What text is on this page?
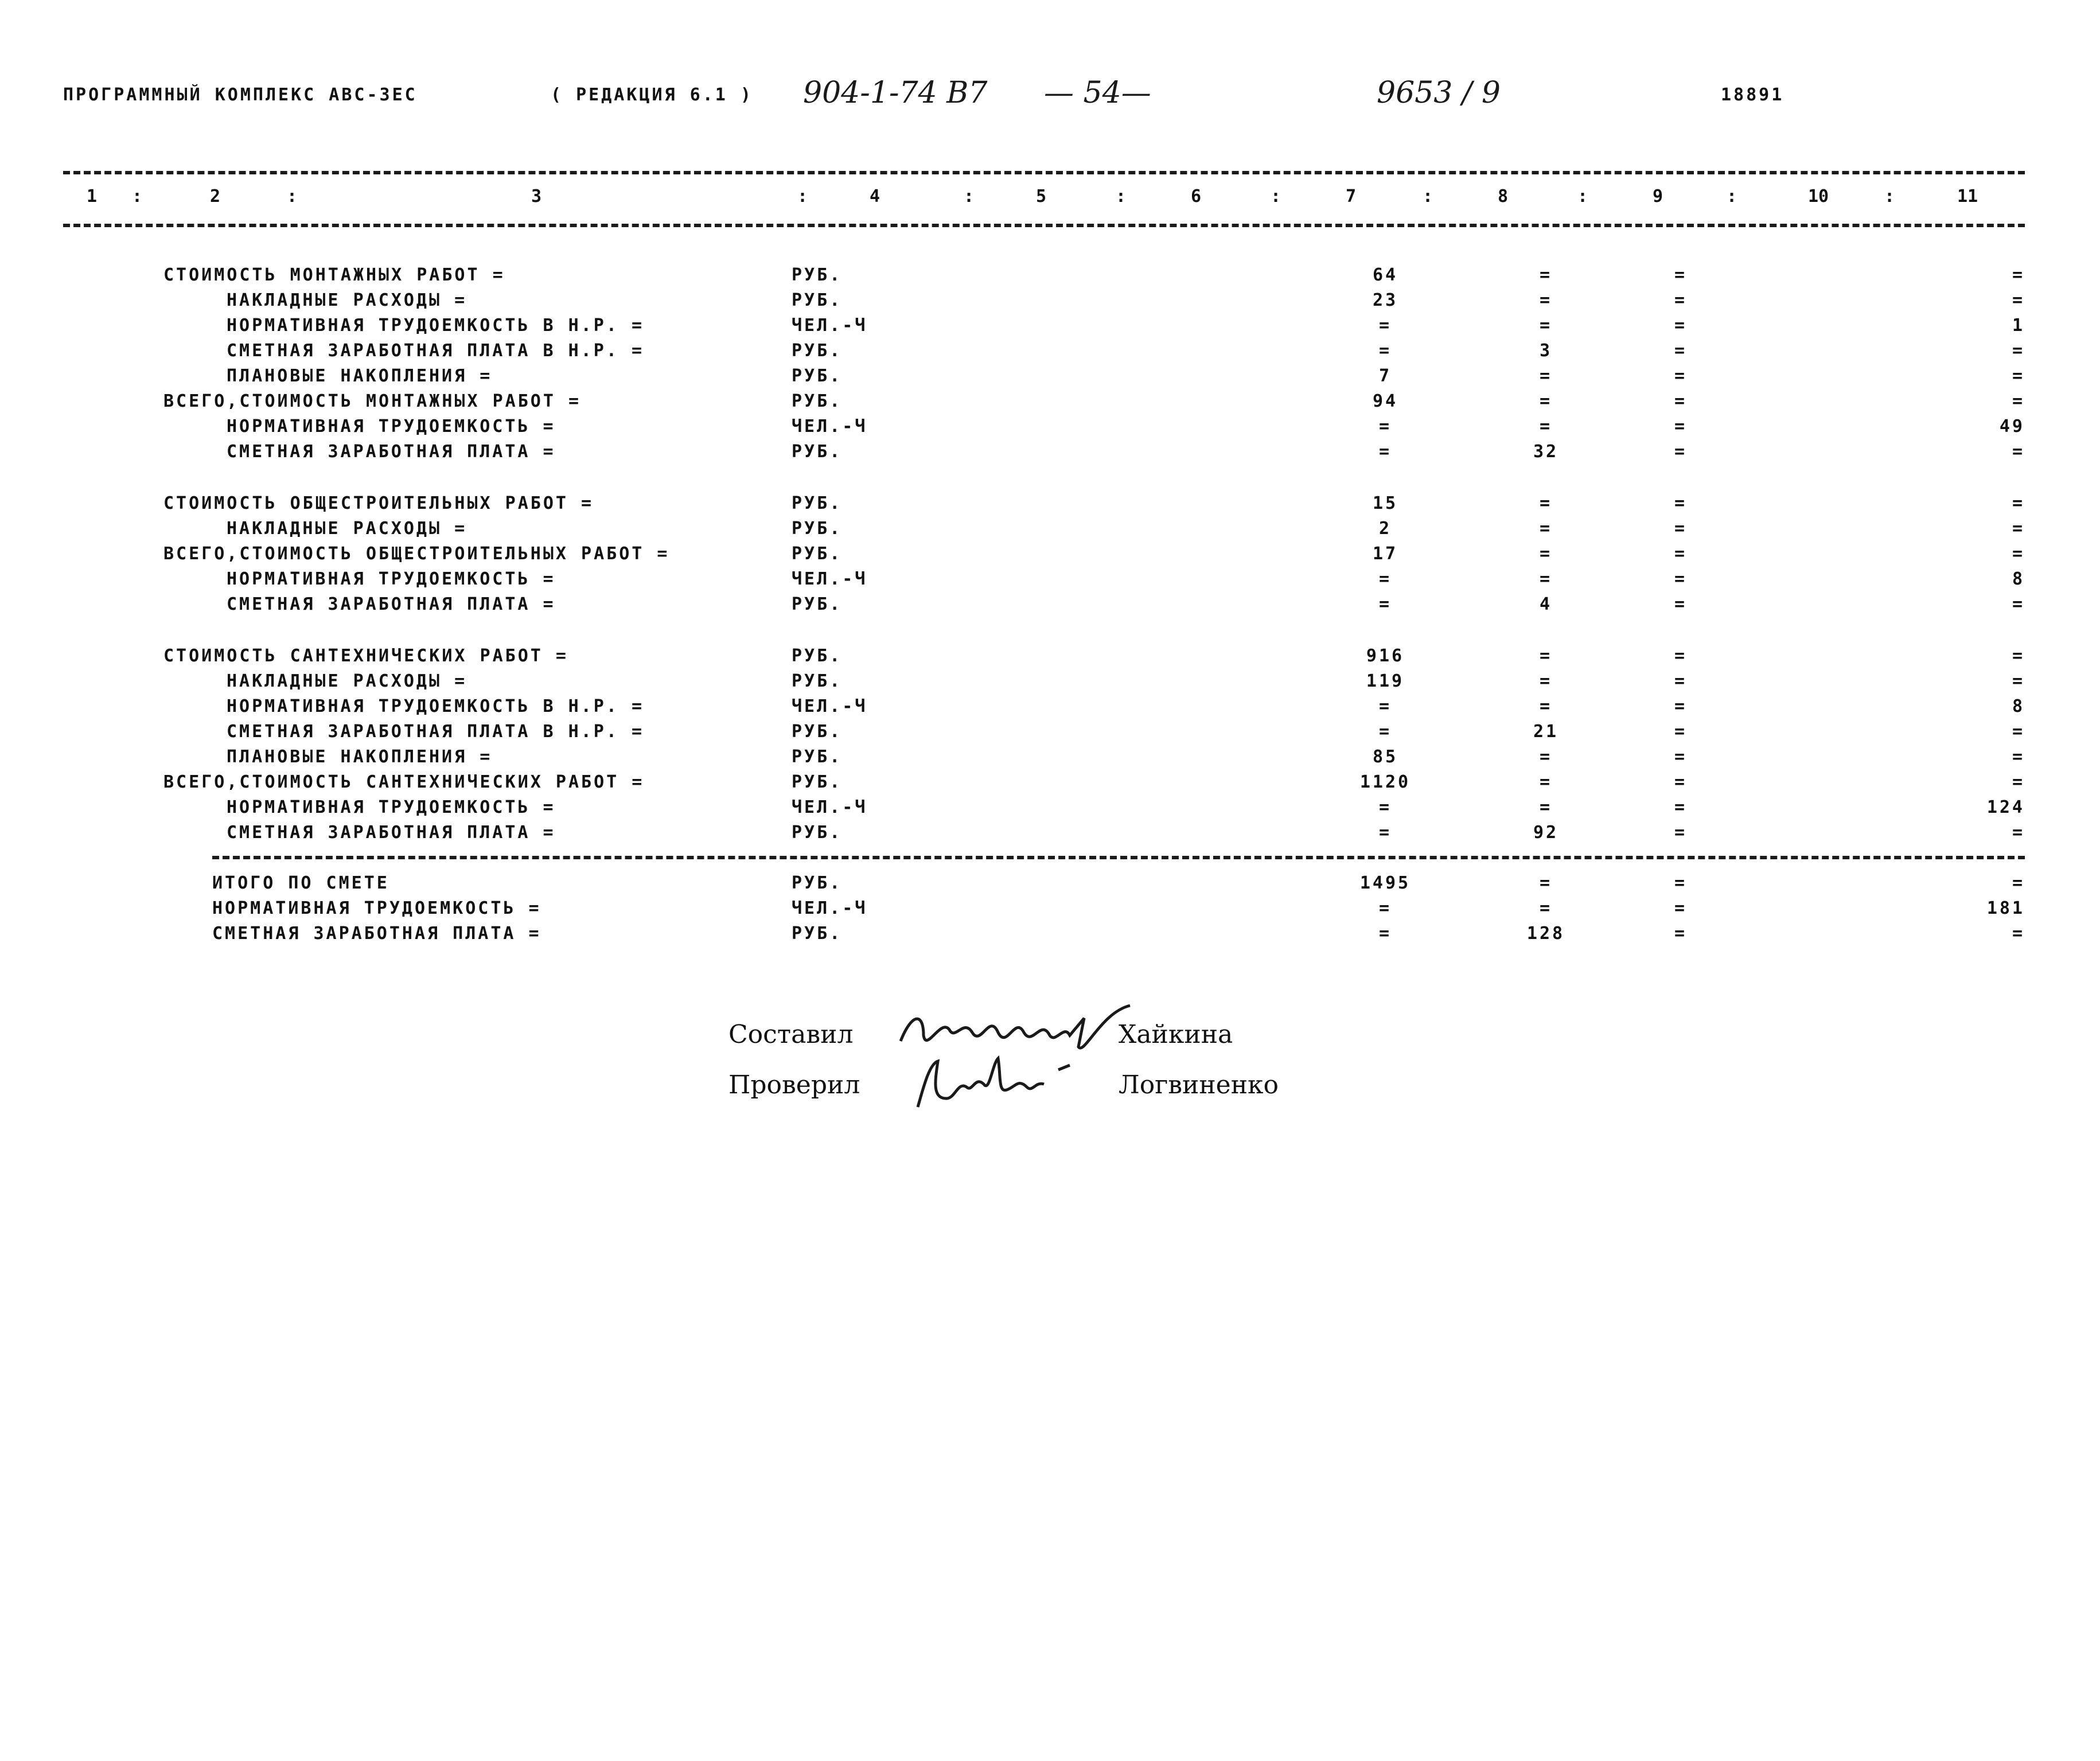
ПРОГРАММНЫЙ КОМПЛЕКС АВС-ЗЕС	( РЕДАКЦИЯ 6.1 ) 904-1-74 В7 — 54—	9653 / 9	18891
1	:	2	:	3	:	4	:	5	:	6	:	7	:	8	:	9	:	10	:	11
СТОИМОСТЬ МОНТАЖНЫХ РАБОТ =	РУБ.	64	=	=	=
НАКЛАДНЫЕ РАСХОДЫ =	РУБ.	23	=	=	=
НОРМАТИВНАЯ ТРУДОЕМКОСТЬ В Н.Р. =	ЧЕЛ.-Ч	=	=	=	1
СМЕТНАЯ ЗАРАБОТНАЯ ПЛАТА В Н.Р. =	РУБ.	=	3	=	=
ПЛАНОВЫЕ НАКОПЛЕНИЯ =	РУБ.	7	=	=	=
ВСЕГО,СТОИМОСТЬ МОНТАЖНЫХ РАБОТ =	РУБ.	94	=	=	=
НОРМАТИВНАЯ ТРУДОЕМКОСТЬ =	ЧЕЛ.-Ч	=	=	=	49
СМЕТНАЯ ЗАРАБОТНАЯ ПЛАТА =	РУБ.	=	32	=	=
СТОИМОСТЬ ОБЩЕСТРОИТЕЛЬНЫХ РАБОТ =	РУБ.	15	=	=	=
НАКЛАДНЫЕ РАСХОДЫ =	РУБ.	2	=	=	=
ВСЕГО,СТОИМОСТЬ ОБЩЕСТРОИТЕЛЬНЫХ РАБОТ =	РУБ.	17	=	=	=
НОРМАТИВНАЯ ТРУДОЕМКОСТЬ =	ЧЕЛ.-Ч	=	=	=	8
СМЕТНАЯ ЗАРАБОТНАЯ ПЛАТА =	РУБ.	=	4	=	=
СТОИМОСТЬ САНТЕХНИЧЕСКИХ РАБОТ =	РУБ.	916	=	=	=
НАКЛАДНЫЕ РАСХОДЫ =	РУБ.	119	=	=	=
НОРМАТИВНАЯ ТРУДОЕМКОСТЬ В Н.Р. =	ЧЕЛ.-Ч	=	=	=	8
СМЕТНАЯ ЗАРАБОТНАЯ ПЛАТА В Н.Р. =	РУБ.	=	21	=	=
ПЛАНОВЫЕ НАКОПЛЕНИЯ =	РУБ.	85	=	=	=
ВСЕГО,СТОИМОСТЬ САНТЕХНИЧЕСКИХ РАБОТ =	РУБ.	1120	=	=	=
НОРМАТИВНАЯ ТРУДОЕМКОСТЬ =	ЧЕЛ.-Ч	=	=	=	124
СМЕТНАЯ ЗАРАБОТНАЯ ПЛАТА =	РУБ.	=	92	=	=
ИТОГО ПО СМЕТЕ	РУБ.	1495	=	=	=
НОРМАТИВНАЯ ТРУДОЕМКОСТЬ =	ЧЕЛ.-Ч	=	=	=	181
СМЕТНАЯ ЗАРАБОТНАЯ ПЛАТА =	РУБ.	=	128	=	=
Составил	Хайкина
Проверил	Логвиненко
